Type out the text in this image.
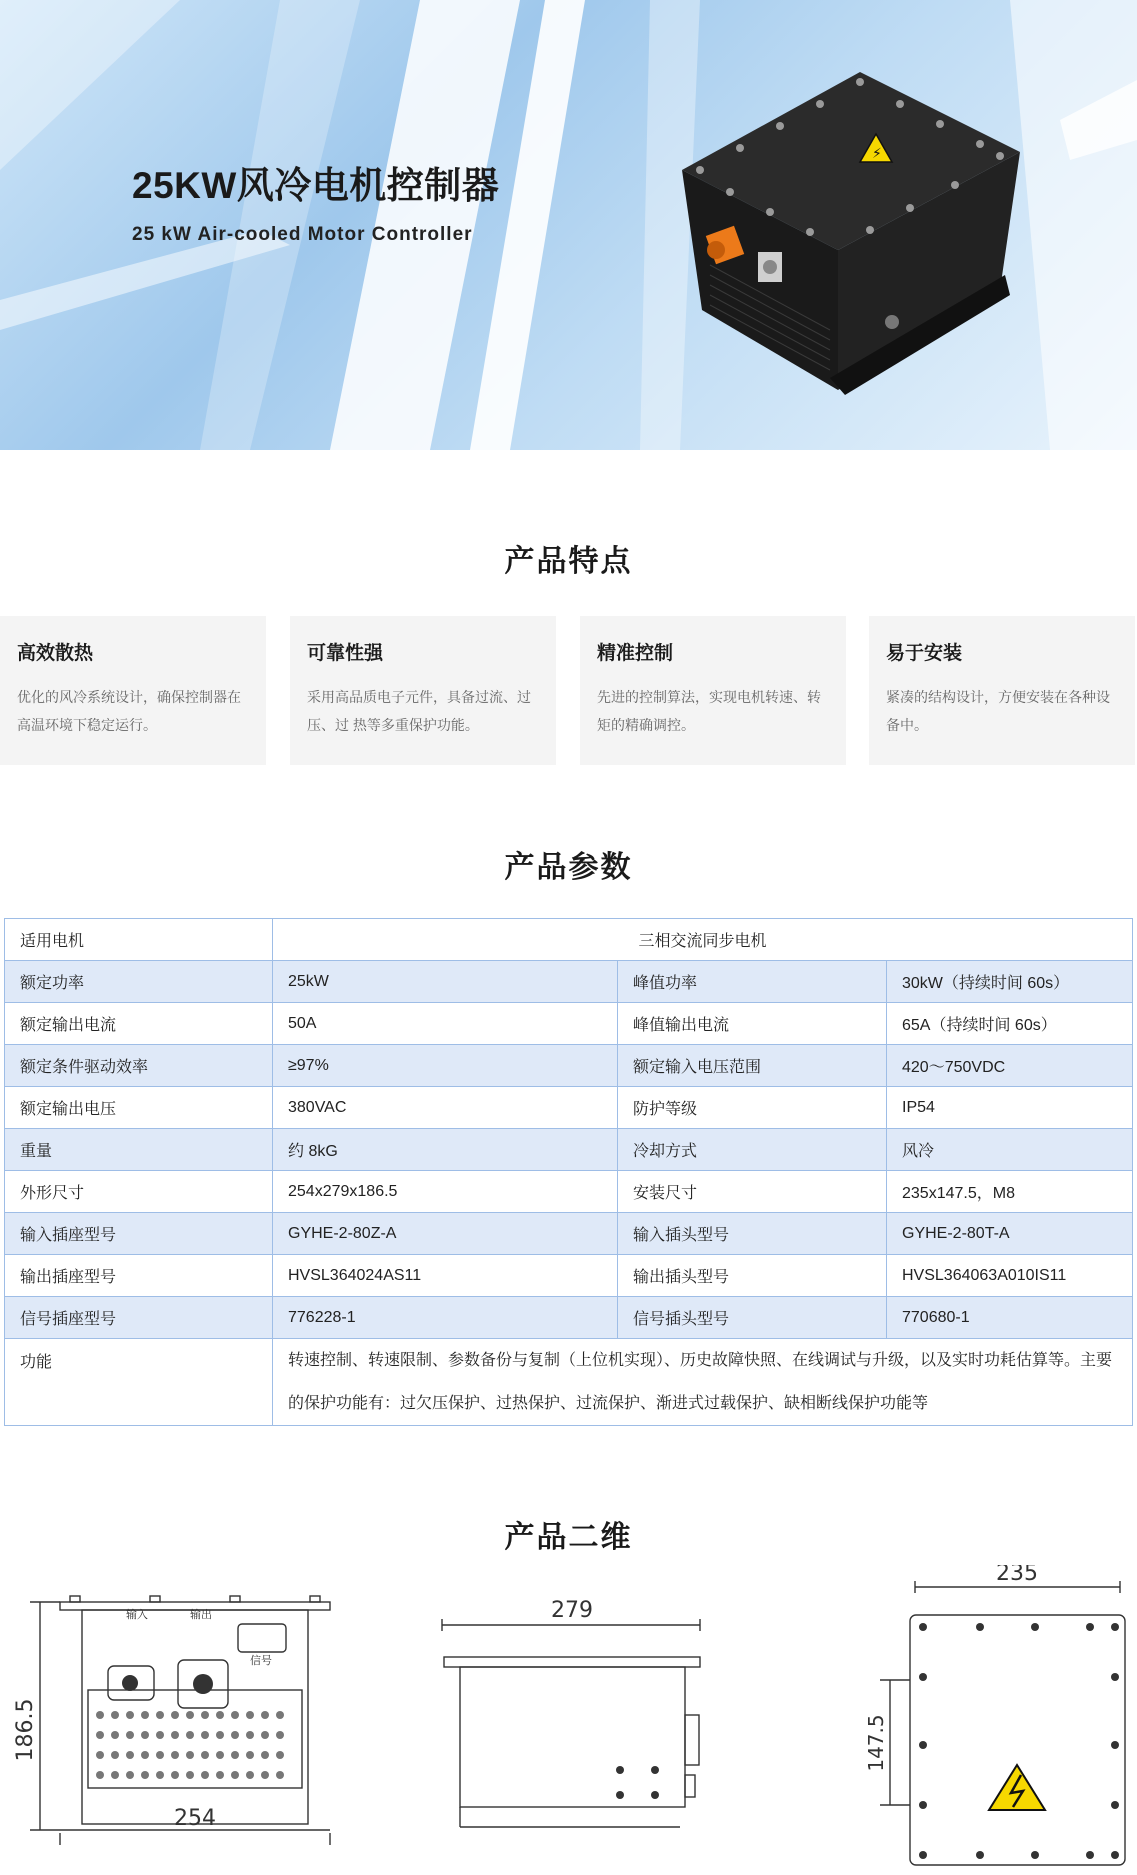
25KW风冷电机控制器

25 kW Air-cooled Motor Controller

⚡
产品特点

高效散热

优化的风冷系统设计，确保控制器在高温环境下稳定运行。

可靠性强

采用高品质电子元件，具备过流、过压、过 热等多重保护功能。

精准控制

先进的控制算法，实现电机转速、转矩的精确调控。

易于安装

紧凑的结构设计，方便安装在各种设备中。

产品参数
适用电机	三相交流同步电机		
额定功率	25kW	峰值功率	30kW（持续时间 60s）
额定输出电流	50A	峰值输出电流	65A（持续时间 60s）
额定条件驱动效率	≥97%	额定输入电压范围	420～750VDC
额定输出电压	380VAC	防护等级	IP54
重量	约 8kG	冷却方式	风冷
外形尺寸	254x279x186.5	安装尺寸	235x147.5，M8
输入插座型号	GYHE-2-80Z-A	输入插头型号	GYHE-2-80T-A
输出插座型号	HVSL364024AS11	输出插头型号	HVSL364063A010IS11
信号插座型号	776228-1	信号插头型号	770680-1
功能	转速控制、转速限制、参数备份与复制（上位机实现）、历史故障快照、在线调试与升级，以及实时功耗估算等。主要的保护功能有：过欠压保护、过热保护、过流保护、渐进式过载保护、缺相断线保护功能等		
产品二维
输入	输出
信号
186.5
254
279
235
147.5
